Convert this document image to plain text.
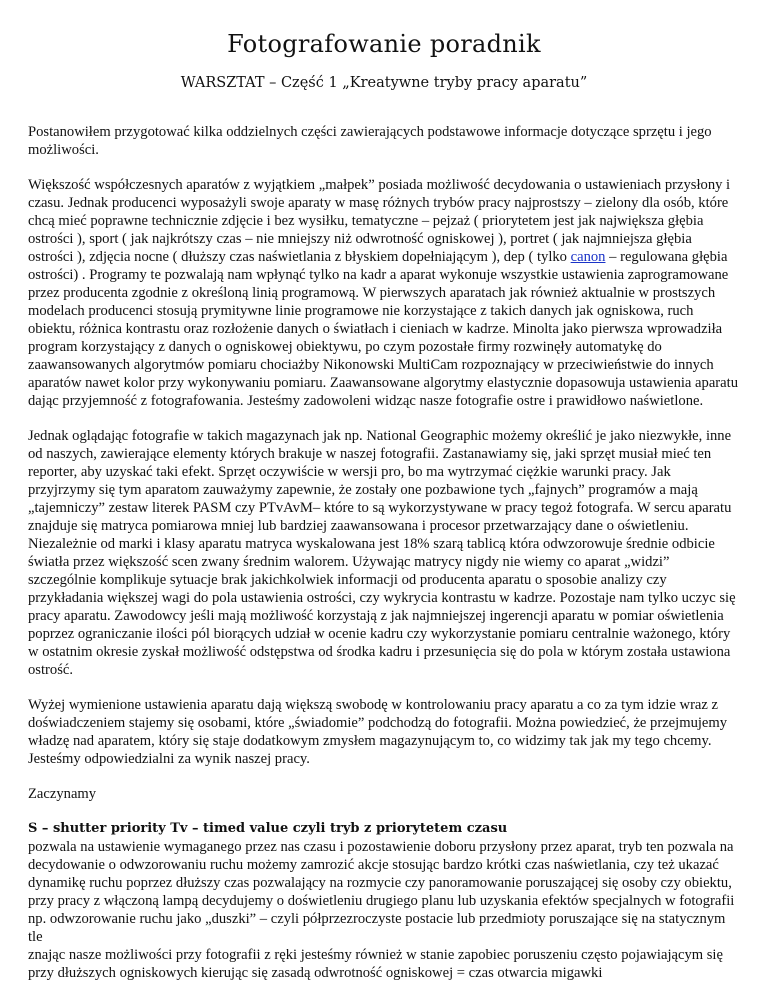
Fotografowanie poradnik
WARSZTAT – Część 1 „Kreatywne tryby pracy aparatu”

Postanowiłem przygotować kilka oddzielnych części zawierających podstawowe informacje dotyczące sprzętu i jego możliwości.

Większość współczesnych aparatów z wyjątkiem „małpek” posiada możliwość decydowania o ustawieniach przysłony i czasu. Jednak producenci wyposażyli swoje aparaty w masę różnych trybów pracy najprostszy – zielony dla osób, które chcą mieć poprawne technicznie zdjęcie i bez wysiłku, tematyczne – pejzaż ( priorytetem jest jak największa głębia ostrości ), sport ( jak najkrótszy czas – nie mniejszy niż odwrotność ogniskowej ), portret ( jak najmniejsza głębia ostrości ), zdjęcia nocne ( dłuższy czas naświetlania z błyskiem dopełniającym ), dep ( tylko canon – regulowana głębia ostrości) . Programy te pozwalają nam wpłynąć tylko na kadr a aparat wykonuje wszystkie ustawienia zaprogramowane przez producenta zgodnie z określoną linią programową. W pierwszych aparatach jak również aktualnie w prostszych modelach producenci stosują prymitywne linie programowe nie korzystające z takich danych jak ogniskowa, ruch obiektu, różnica kontrastu oraz rozłożenie danych o światłach i cieniach w kadrze. Minolta jako pierwsza wprowadziła program korzystający z danych o ogniskowej obiektywu, po czym pozostałe firmy rozwinęły automatykę do zaawansowanych algorytmów pomiaru chociażby Nikonowski MultiCam rozpoznający w przeciwieństwie do innych aparatów nawet kolor przy wykonywaniu pomiaru. Zaawansowane algorytmy elastycznie dopasowuja ustawienia aparatu dając przyjemność z fotografowania. Jesteśmy zadowoleni widząc nasze fotografie ostre i prawidłowo naświetlone.

Jednak oglądając fotografie w takich magazynach jak np. National Geographic możemy określić je jako niezwykłe, inne od naszych, zawierające elementy których brakuje w naszej fotografii. Zastanawiamy się, jaki sprzęt musiał mieć ten reporter, aby uzyskać taki efekt. Sprzęt oczywiście w wersji pro, bo ma wytrzymać ciężkie warunki pracy. Jak przyjrzymy się tym aparatom zauważymy zapewnie, że zostały one pozbawione tych „fajnych” programów a mają „tajemniczy” zestaw literek PASM czy PTvAvM– które to są wykorzystywane w pracy tegoż fotografa. W sercu aparatu znajduje się matryca pomiarowa mniej lub bardziej zaawansowana i procesor przetwarzający dane o oświetleniu. Niezależnie od marki i klasy aparatu matryca wyskalowana jest 18% szarą tablicą która odwzorowuje średnie odbicie światła przez większość scen zwany średnim walorem. Używając matrycy nigdy nie wiemy co aparat „widzi” szczególnie komplikuje sytuacje brak jakichkolwiek informacji od producenta aparatu o sposobie analizy czy przykładania większej wagi do pola ustawienia ostrości, czy wykrycia kontrastu w kadrze. Pozostaje nam tylko uczyc się pracy aparatu. Zawodowcy jeśli mają możliwość korzystają z jak najmniejszej ingerencji aparatu w pomiar oświetlenia poprzez ograniczanie ilości pól biorących udział w ocenie kadru czy wykorzystanie pomiaru centralnie ważonego, który w ostatnim okresie zyskał możliwość odstępstwa od środka kadru i przesunięcia się do pola w którym została ustawiona ostrość.

Wyżej wymienione ustawienia aparatu dają większą swobodę w kontrolowaniu pracy aparatu a co za tym idzie wraz z doświadczeniem stajemy się osobami, które „świadomie” podchodzą do fotografii. Można powiedzieć, że przejmujemy władzę nad aparatem, który się staje dodatkowym zmysłem magazynującym to, co widzimy tak jak my tego chcemy. Jesteśmy odpowiedzialni za wynik naszej pracy.

Zaczynamy

S – shutter priority Tv – timed value czyli tryb z priorytetem czasu

pozwala na ustawienie wymaganego przez nas czasu i pozostawienie doboru przysłony przez aparat, tryb ten pozwala na decydowanie o odwzorowaniu ruchu możemy zamrozić akcje stosując bardzo krótki czas naświetlania, czy też ukazać dynamikę ruchu poprzez dłuższy czas pozwalający na rozmycie czy panoramowanie poruszającej się osoby czy obiektu, przy pracy z włączoną lampą decydujemy o doświetleniu drugiego planu lub uzyskania efektów specjalnych w fotografii np. odwzorowanie ruchu jako „duszki” – czyli półprzezroczyste postacie lub przedmioty poruszające się na statycznym tle

znając nasze możliwości przy fotografii z ręki jesteśmy również w stanie zapobiec poruszeniu często pojawiającym się przy dłuższych ogniskowych kierując się zasadą odwrotność ogniskowej = czas otwarcia migawki
